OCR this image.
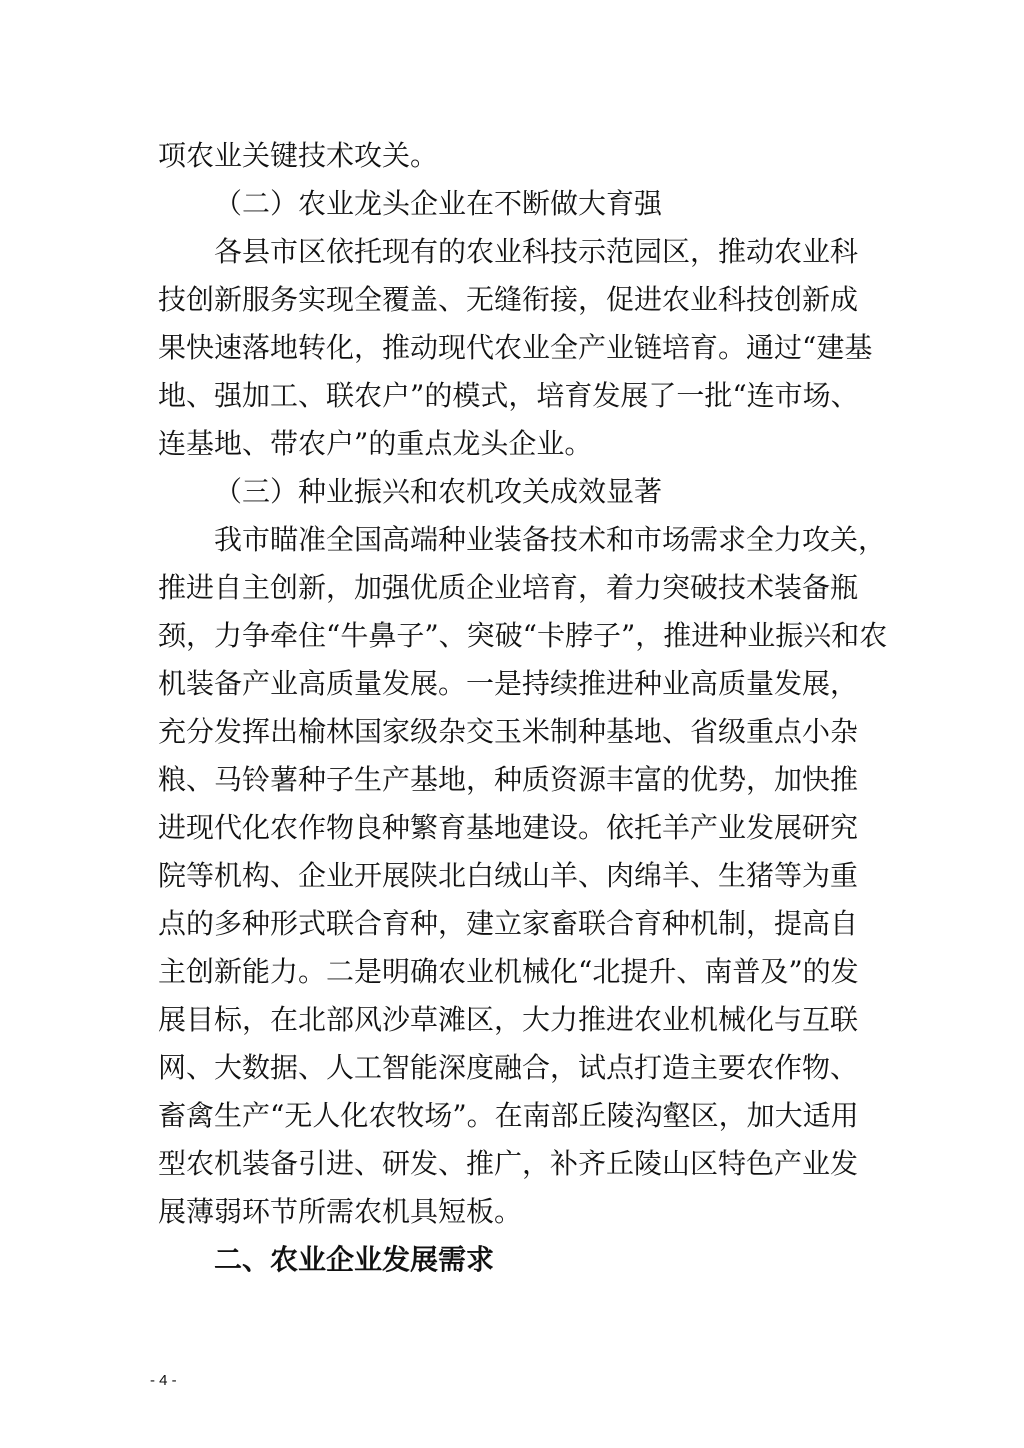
项农业关键技术攻关。
（二）农业龙头企业在不断做大育强
各县市区依托现有的农业科技示范园区，推动农业科
技创新服务实现全覆盖、无缝衔接，促进农业科技创新成
果快速落地转化，推动现代农业全产业链培育。通过“建基
地、强加工、联农户”的模式，培育发展了一批“连市场、
连基地、带农户”的重点龙头企业。
（三）种业振兴和农机攻关成效显著
我市瞄准全国高端种业装备技术和市场需求全力攻关，
推进自主创新，加强优质企业培育，着力突破技术装备瓶
颈，力争牵住“牛鼻子”、突破“卡脖子”，推进种业振兴和农
机装备产业高质量发展。一是持续推进种业高质量发展，
充分发挥出榆林国家级杂交玉米制种基地、省级重点小杂
粮、马铃薯种子生产基地，种质资源丰富的优势，加快推
进现代化农作物良种繁育基地建设。依托羊产业发展研究
院等机构、企业开展陕北白绒山羊、肉绵羊、生猪等为重
点的多种形式联合育种，建立家畜联合育种机制，提高自
主创新能力。二是明确农业机械化“北提升、南普及”的发
展目标，在北部风沙草滩区，大力推进农业机械化与互联
网、大数据、人工智能深度融合，试点打造主要农作物、
畜禽生产“无人化农牧场”。在南部丘陵沟壑区，加大适用
型农机装备引进、研发、推广，补齐丘陵山区特色产业发
展薄弱环节所需农机具短板。
二、农业企业发展需求
- 4 -
